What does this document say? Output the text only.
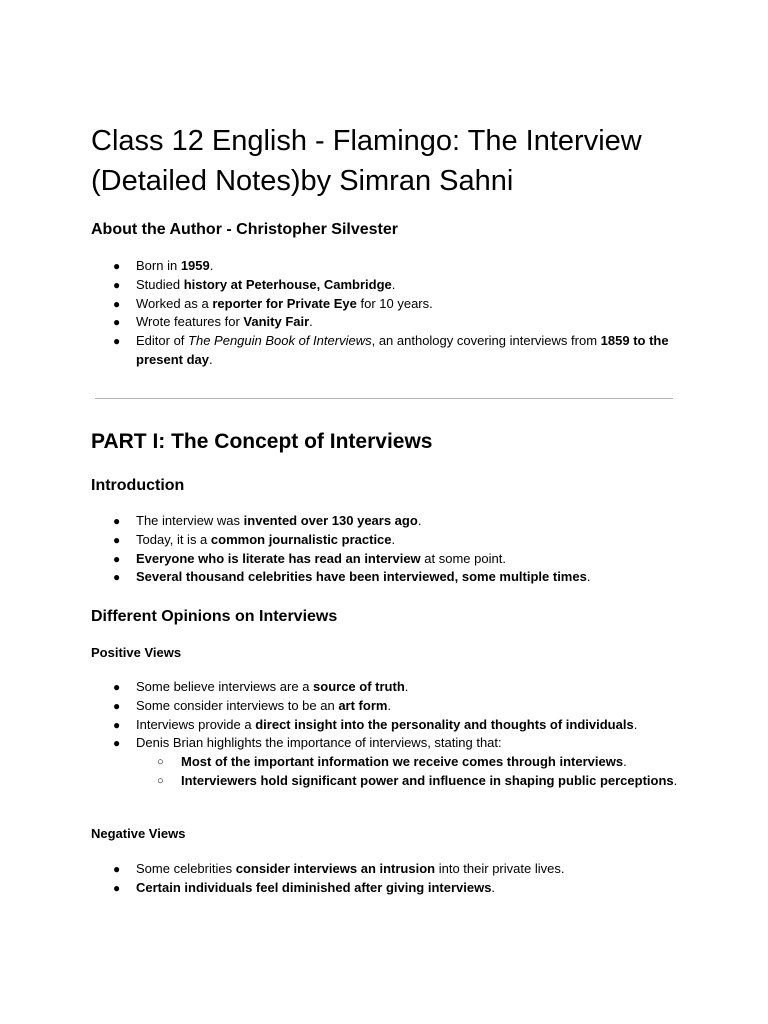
Class 12 English - Flamingo: The Interview
(Detailed Notes)by Simran Sahni
About the Author - Christopher Silvester
● Born in 1959.
● Studied history at Peterhouse, Cambridge.
● Worked as a reporter for Private Eye for 10 years.
● Wrote features for Vanity Fair.
● Editor of The Penguin Book of Interviews, an anthology covering interviews from 1859 to the present day.
PART I: The Concept of Interviews
Introduction
● The interview was invented over 130 years ago.
● Today, it is a common journalistic practice.
● Everyone who is literate has read an interview at some point.
● Several thousand celebrities have been interviewed, some multiple times.
Different Opinions on Interviews
Positive Views
● Some believe interviews are a source of truth.
● Some consider interviews to be an art form.
● Interviews provide a direct insight into the personality and thoughts of individuals.
● Denis Brian highlights the importance of interviews, stating that:
○ Most of the important information we receive comes through interviews.
○ Interviewers hold significant power and influence in shaping public perceptions.
Negative Views
● Some celebrities consider interviews an intrusion into their private lives.
● Certain individuals feel diminished after giving interviews.
